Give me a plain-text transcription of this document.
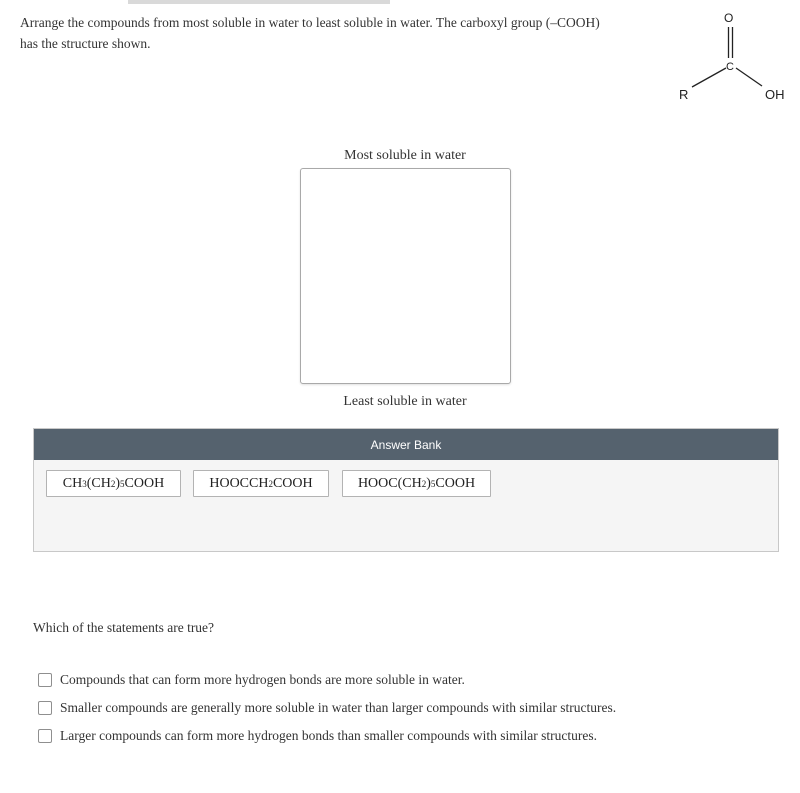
Arrange the compounds from most soluble in water to least soluble in water. The carboxyl group (–COOH)
has the structure shown.
O
C
R	OH
Most soluble in water
Least soluble in water
Answer Bank
CH 3 (CH 2 ) 5 COOH	HOOCCH 2 COOH	HOOC(CH 2 ) 5 COOH
Which of the statements are true?
Compounds that can form more hydrogen bonds are more soluble in water.
Smaller compounds are generally more soluble in water than larger compounds with similar structures.
Larger compounds can form more hydrogen bonds than smaller compounds with similar structures.
